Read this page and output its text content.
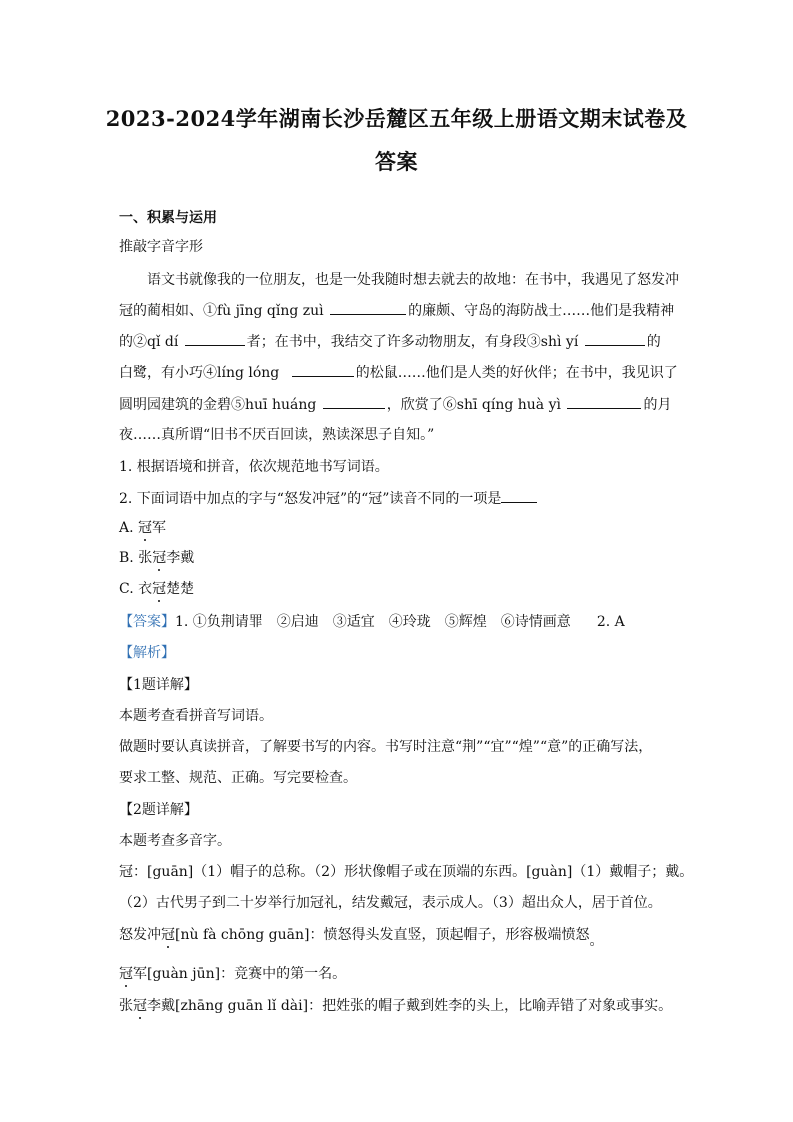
2023-2024学年湖南长沙岳麓区五年级上册语文期末试卷及
答案
一、积累与运用
推敲字音字形
语文书就像我的一位朋友，也是一处我随时想去就去的故地：在书中，我遇见了怒发冲
冠的蔺相如、①fù jīng qǐng zuì	的廉颇、守岛的海防战士……他们是我精神
的②qǐ dí	者；在书中，我结交了许多动物朋友，有身段③shì yí	的
白鹭，有小巧④líng lóng	的松鼠……他们是人类的好伙伴；在书中，我见识了
圆明园建筑的金碧⑤huī huáng	，欣赏了⑥shī qíng huà yì	的月
夜……真所谓“旧书不厌百回读，熟读深思子自知。”
1. 根据语境和拼音，依次规范地书写词语。
2. 下面词语中加点的字与“怒发冲冠”的“冠”读音不同的一项是
A. 冠军
B. 张冠李戴
C. 衣冠楚楚
【答案】1. ①负荆请罪　②启迪　③适宜　④玲珑　⑤辉煌　⑥诗情画意 2. A
【解析】
【1题详解】
本题考查看拼音写词语。
做题时要认真读拼音，了解要书写的内容。书写时注意“荆”“宜”“煌”“意”的正确写法，
要求工整、规范、正确。写完要检查。
【2题详解】
本题考查多音字。
冠：[guān]（1）帽子的总称。（2）形状像帽子或在顶端的东西。[guàn]（1）戴帽子；戴。
（2）古代男子到二十岁举行加冠礼，结发戴冠，表示成人。（3）超出众人，居于首位。
怒发冲冠[nù fà chōng guān]：愤怒得头发直竖，顶起帽子，形容极端愤怒。
冠军[guàn jūn]：竞赛中的第一名。
张冠李戴[zhāng guān lǐ dài]：把姓张的帽子戴到姓李的头上，比喻弄错了对象或事实。
